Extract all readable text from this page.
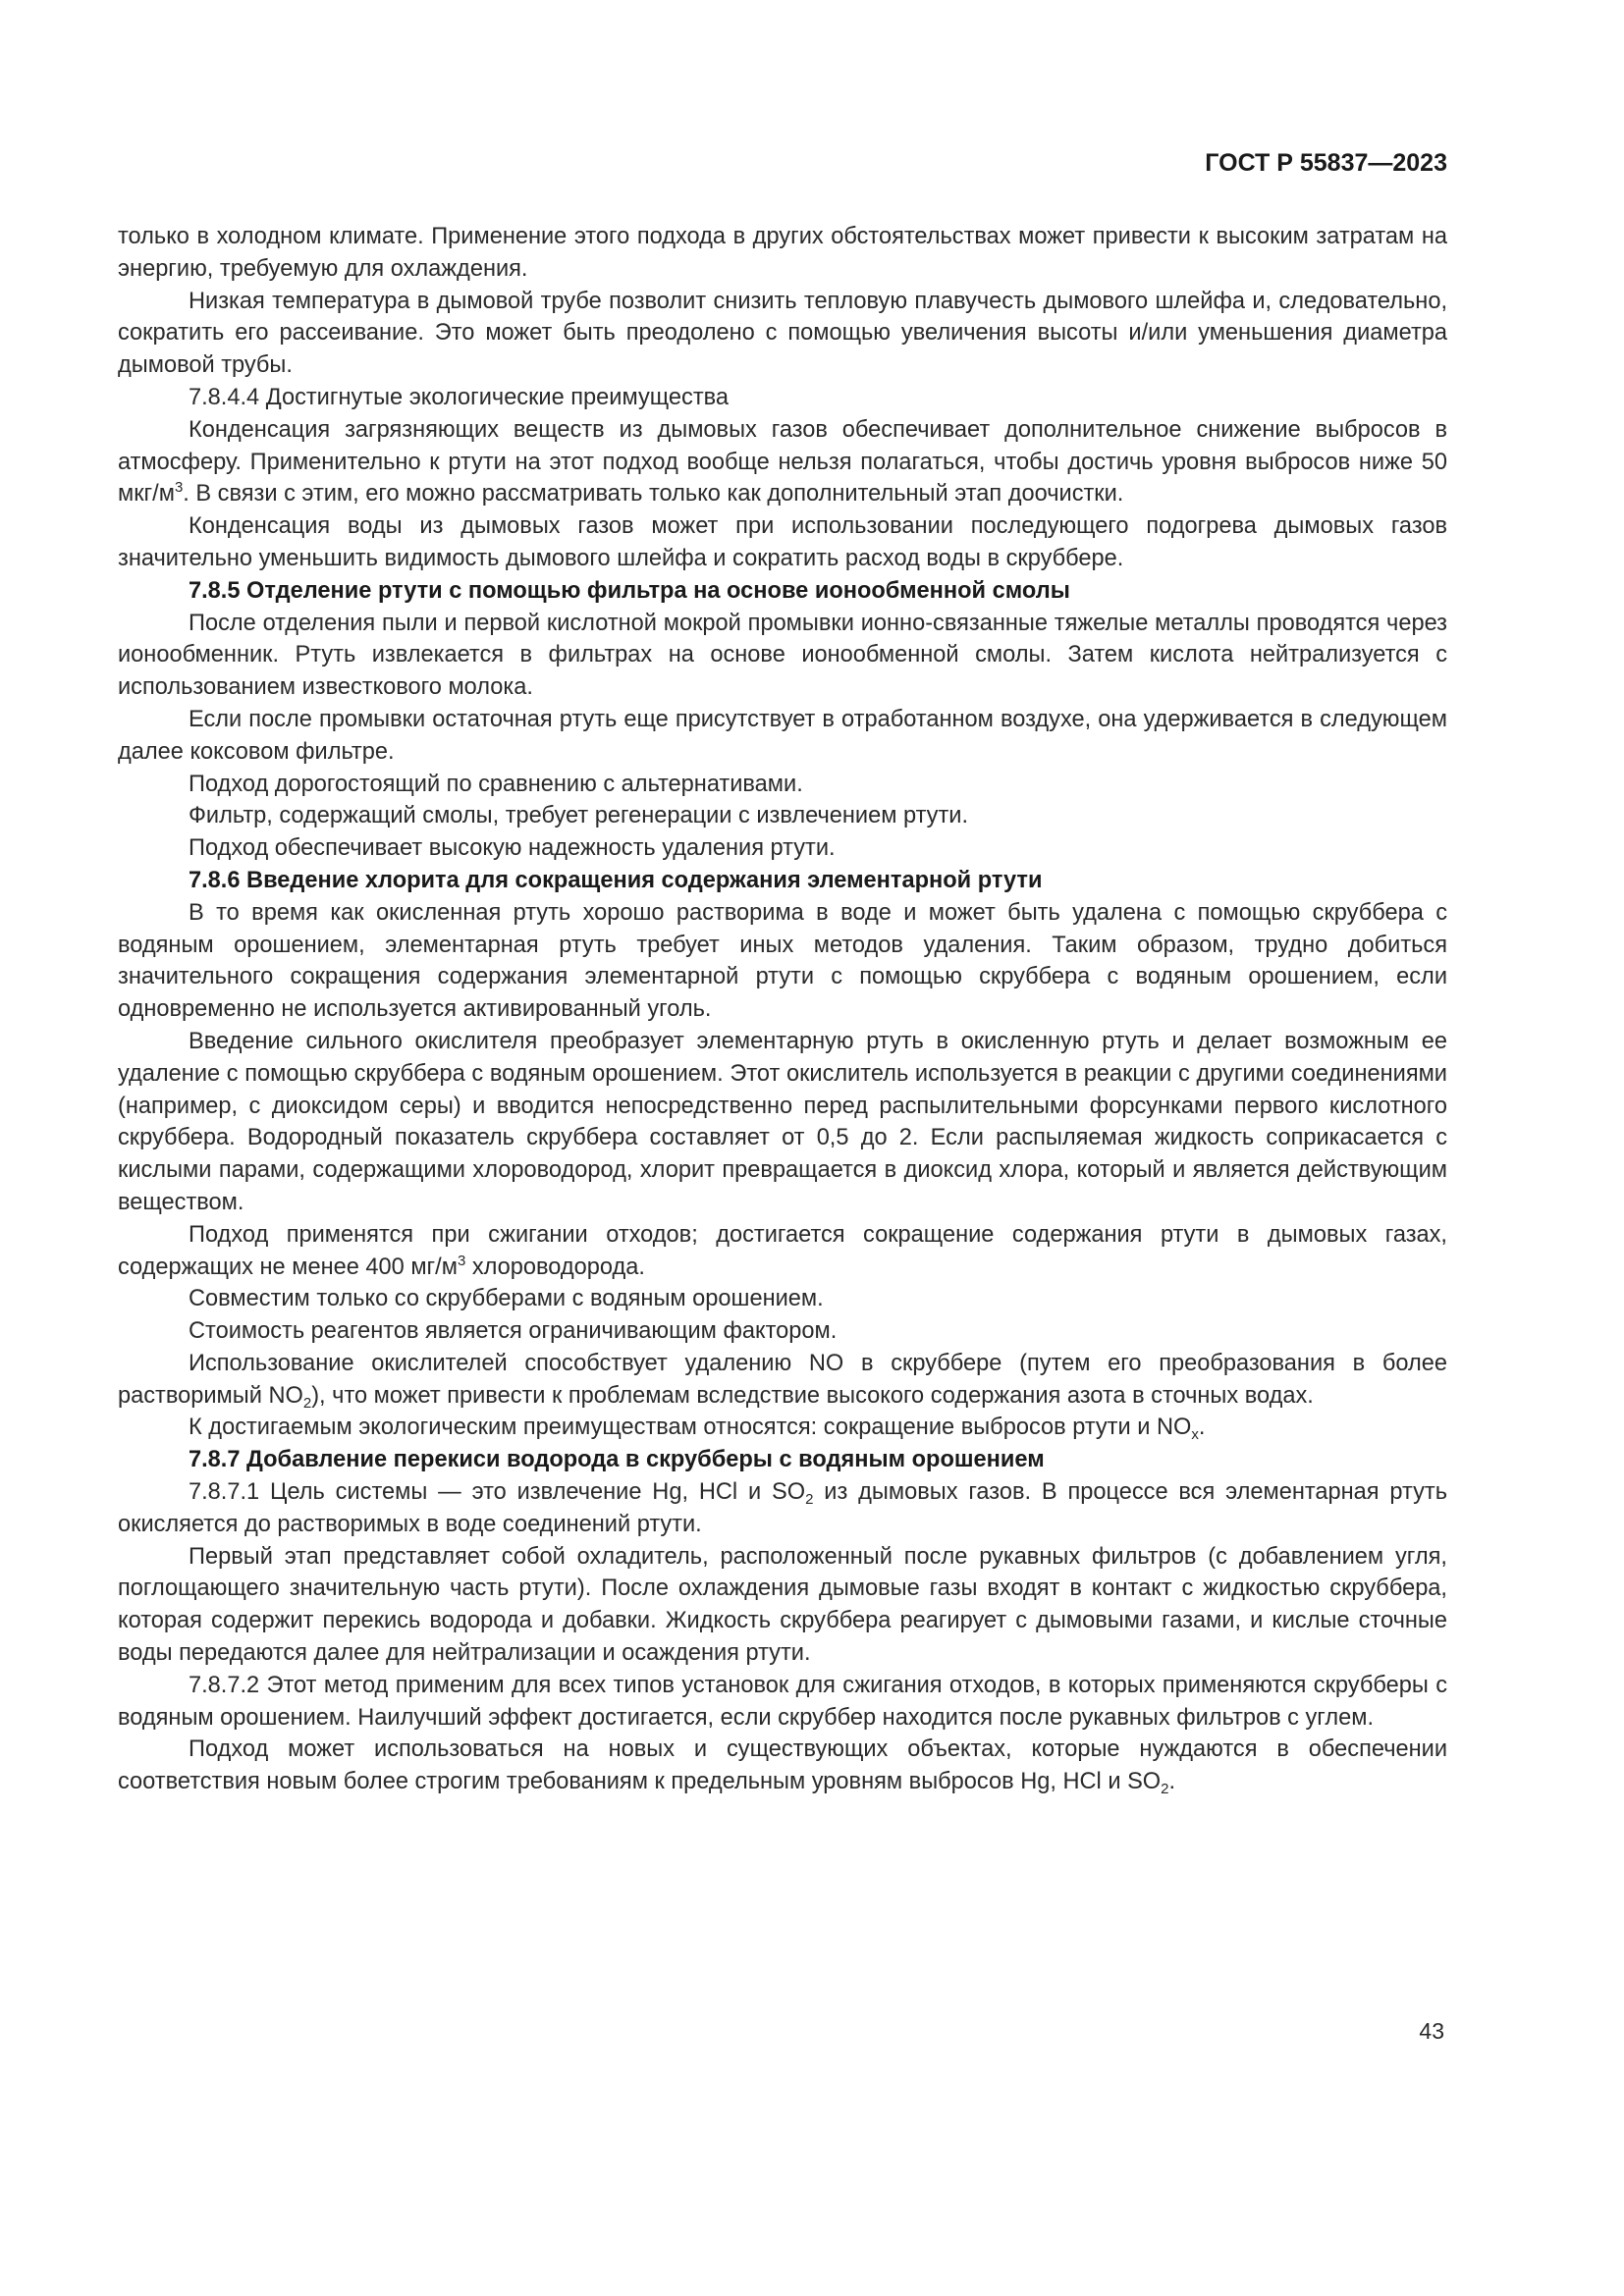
ГОСТ Р 55837—2023

только в холодном климате. Применение этого подхода в других обстоятельствах может привести к высоким затратам на энергию, требуемую для охлаждения.

Низкая температура в дымовой трубе позволит снизить тепловую плавучесть дымового шлейфа и, следовательно, сократить его рассеивание. Это может быть преодолено с помощью увеличения высоты и/или уменьшения диаметра дымовой трубы.

7.8.4.4 Достигнутые экологические преимущества

Конденсация загрязняющих веществ из дымовых газов обеспечивает дополнительное снижение выбросов в атмосферу. Применительно к ртути на этот подход вообще нельзя полагаться, чтобы достичь уровня выбросов ниже 50 мкг/$м^3$. В связи с этим, его можно рассматривать только как дополнительный этап доочистки.

Конденсация воды из дымовых газов может при использовании последующего подогрева дымовых газов значительно уменьшить видимость дымового шлейфа и сократить расход воды в скруббере.

7.8.5 Отделение ртути с помощью фильтра на основе ионообменной смолы

После отделения пыли и первой кислотной мокрой промывки ионно-связанные тяжелые металлы проводятся через ионообменник. Ртуть извлекается в фильтрах на основе ионообменной смолы. Затем кислота нейтрализуется с использованием известкового молока.

Если после промывки остаточная ртуть еще присутствует в отработанном воздухе, она удерживается в следующем далее коксовом фильтре.

Подход дорогостоящий по сравнению с альтернативами.

Фильтр, содержащий смолы, требует регенерации с извлечением ртути.

Подход обеспечивает высокую надежность удаления ртути.

7.8.6 Введение хлорита для сокращения содержания элементарной ртути

В то время как окисленная ртуть хорошо растворима в воде и может быть удалена с помощью скруббера с водяным орошением, элементарная ртуть требует иных методов удаления. Таким образом, трудно добиться значительного сокращения содержания элементарной ртути с помощью скруббера с водяным орошением, если одновременно не используется активированный уголь.

Введение сильного окислителя преобразует элементарную ртуть в окисленную ртуть и делает возможным ее удаление с помощью скруббера с водяным орошением. Этот окислитель используется в реакции с другими соединениями (например, с диоксидом серы) и вводится непосредственно перед распылительными форсунками первого кислотного скруббера. Водородный показатель скруббера составляет от 0,5 до 2. Если распыляемая жидкость соприкасается с кислыми парами, содержащими хлороводород, хлорит превращается в диоксид хлора, который и является действующим веществом.

Подход применятся при сжигании отходов; достигается сокращение содержания ртути в дымовых газах, содержащих не менее 400 $мг/м^3$ хлороводорода.

Совместим только со скрубберами с водяным орошением.

Стоимость реагентов является ограничивающим фактором.

Использование окислителей способствует удалению NO в скруббере (путем его преобразования в более растворимый $NO_2$), что может привести к проблемам вследствие высокого содержания азота в сточных водах.

К достигаемым экологическим преимуществам относятся: сокращение выбросов ртути и $NO_x$.

7.8.7 Добавление перекиси водорода в скрубберы с водяным орошением

7.8.7.1 Цель системы — это извлечение Hg, HCl и $SO_2$ из дымовых газов. В процессе вся элементарная ртуть окисляется до растворимых в воде соединений ртути.

Первый этап представляет собой охладитель, расположенный после рукавных фильтров (с добавлением угля, поглощающего значительную часть ртути). После охлаждения дымовые газы входят в контакт с жидкостью скруббера, которая содержит перекись водорода и добавки. Жидкость скруббера реагирует с дымовыми газами, и кислые сточные воды передаются далее для нейтрализации и осаждения ртути.

7.8.7.2 Этот метод применим для всех типов установок для сжигания отходов, в которых применяются скрубберы с водяным орошением. Наилучший эффект достигается, если скруббер находится после рукавных фильтров с углем.

Подход может использоваться на новых и существующих объектах, которые нуждаются в обеспечении соответствия новым более строгим требованиям к предельным уровням выбросов Hg, HCl и $SO_2$.

43
